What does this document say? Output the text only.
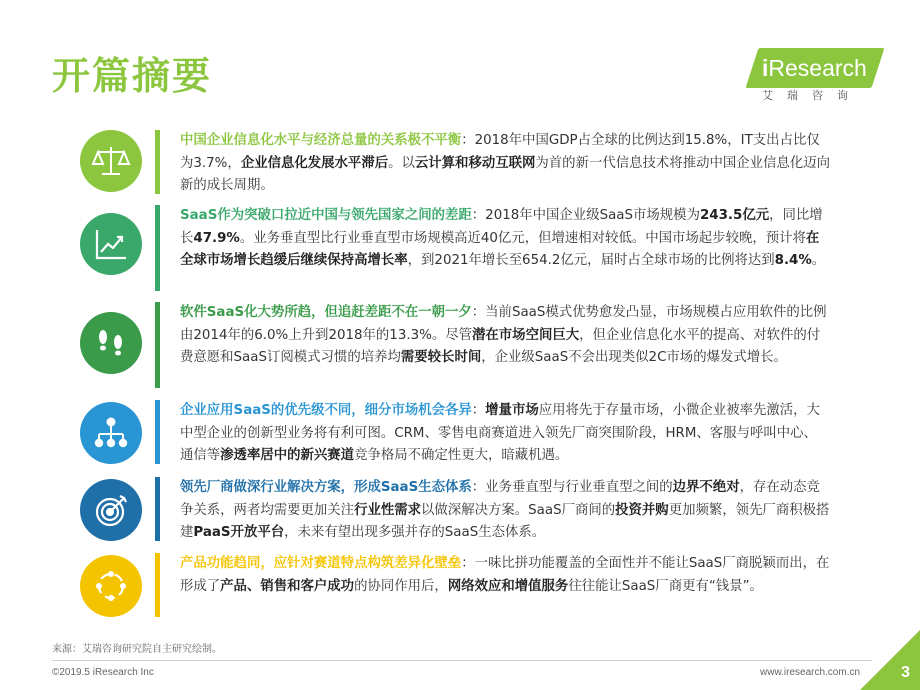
开篇摘要	iResearch
艾瑞咨询
中国企业信息化水平与经济总量的关系极不平衡：2018年中国GDP占全球的比例达到15.8%，IT支出占比仅为3.7%，企业信息化发展水平滞后。以云计算和移动互联网为首的新一代信息技术将推动中国企业信息化迈向新的成长周期。
SaaS作为突破口拉近中国与领先国家之间的差距：2018年中国企业级SaaS市场规模为243.5亿元，同比增长47.9%。业务垂直型比行业垂直型市场规模高近40亿元，但增速相对较低。中国市场起步较晚，预计将在全球市场增长趋缓后继续保持高增长率，到2021年增长至654.2亿元，届时占全球市场的比例将达到8.4%。
软件SaaS化大势所趋，但追赶差距不在一朝一夕：当前SaaS模式优势愈发凸显，市场规模占应用软件的比例由2014年的6.0%上升到2018年的13.3%。尽管潜在市场空间巨大，但企业信息化水平的提高、对软件的付费意愿和SaaS订阅模式习惯的培养均需要较长时间，企业级SaaS不会出现类似2C市场的爆发式增长。
企业应用SaaS的优先级不同，细分市场机会各异：增量市场应用将先于存量市场，小微企业被率先激活，大中型企业的创新型业务将有利可图。CRM、零售电商赛道进入领先厂商突围阶段，HRM、客服与呼叫中心、通信等渗透率居中的新兴赛道竞争格局不确定性更大，暗藏机遇。
领先厂商做深行业解决方案，形成SaaS生态体系：业务垂直型与行业垂直型之间的边界不绝对，存在动态竞争关系，两者均需要更加关注行业性需求以做深解决方案。SaaS厂商间的投资并购更加频繁，领先厂商积极搭建PaaS开放平台，未来有望出现多强并存的SaaS生态体系。
产品功能趋同，应针对赛道特点构筑差异化壁垒：一味比拼功能覆盖的全面性并不能让SaaS厂商脱颖而出，在形成了产品、销售和客户成功的协同作用后，网络效应和增值服务往往能让SaaS厂商更有“钱景”。
来源：艾瑞咨询研究院自主研究绘制。
©2019.5 iResearch Inc	www.iresearch.com.cn	3
